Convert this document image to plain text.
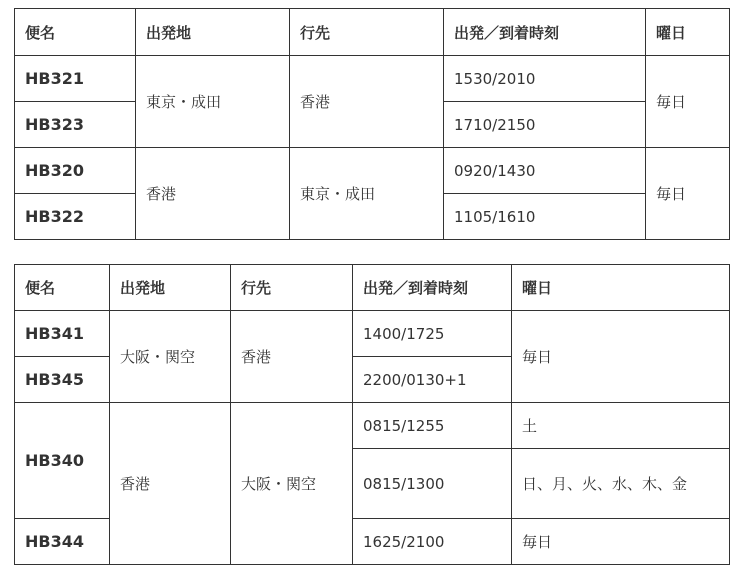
便名	出発地	行先	出発／到着時刻	曜日
HB321	東京・成田	香港	1530/2010	毎日
HB323			1710/2150	
HB320	香港	東京・成田	0920/1430	毎日
HB322			1105/1610	
便名	出発地	行先	出発／到着時刻	曜日
HB341	大阪・関空	香港	1400/1725	毎日
HB345			2200/0130+1	
HB340	香港	大阪・関空	0815/1255	土
			0815/1300	日、月、火、水、木、金
HB344			1625/2100	毎日
